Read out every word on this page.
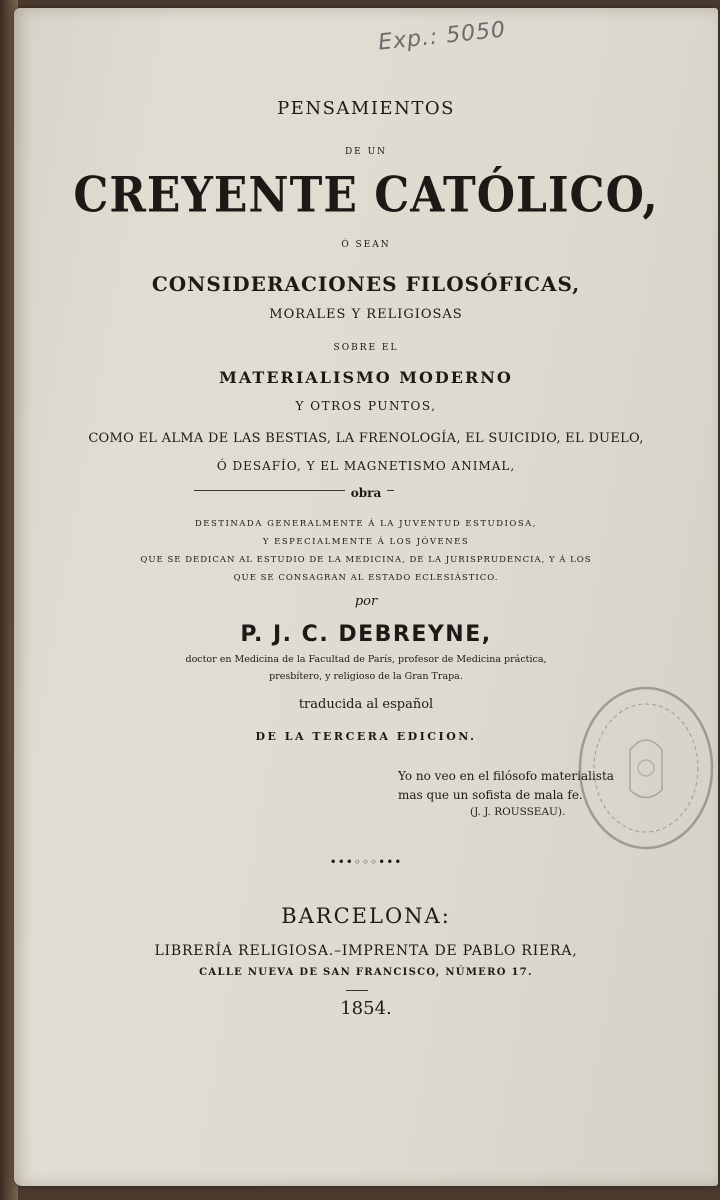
Exp.: 5050
PENSAMIENTOS
DE UN
CREYENTE CATÓLICO,
Ó SEAN
CONSIDERACIONES FILOSÓFICAS,
MORALES Y RELIGIOSAS
SOBRE EL
MATERIALISMO MODERNO
Y OTROS PUNTOS,
COMO EL ALMA DE LAS BESTIAS, LA FRENOLOGÍA, EL SUICIDIO, EL DUELO,
Ó DESAFÍO, Y EL MAGNETISMO ANIMAL,
obra
DESTINADA GENERALMENTE Á LA JUVENTUD ESTUDIOSA,
Y ESPECIALMENTE Á LOS JÓVENES
QUE SE DEDICAN AL ESTUDIO DE LA MEDICINA, DE LA JURISPRUDENCIA, Y Á LOS
QUE SE CONSAGRAN AL ESTADO ECLESIÁSTICO.
por
P. J. C. DEBREYNE,
doctor en Medicina de la Facultad de París, profesor de Medicina práctica,
presbítero, y religioso de la Gran Trapa.
traducida al español
DE LA TERCERA EDICION.
Yo no veo en el filósofo materialista
mas que un sofista de mala fe.
(J. J. ROUSSEAU).
•••◦◦◦•••
BARCELONA:
LIBRERÍA RELIGIOSA.–IMPRENTA DE PABLO RIERA,
CALLE NUEVA DE SAN FRANCISCO, NÚMERO 17.
1854.
